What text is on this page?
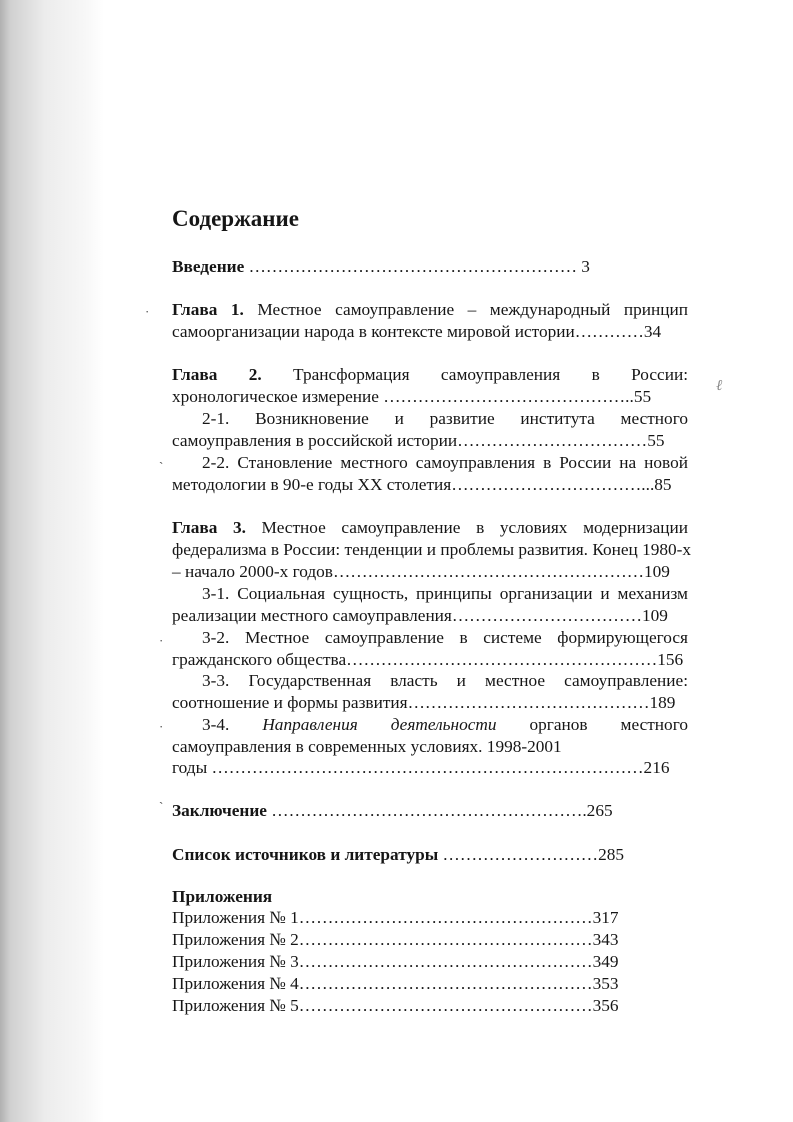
·
ˋ
·
·
ˋ
ℓ
Содержание
Введение ………………………………………………… 3
Глава 1. Местное самоуправление – международный принцип
самоорганизации народа в контексте мировой истории…………34
Глава 2. Трансформация самоуправления в России:
хронологическое измерение ……………………………………..55
2-1. Возникновение и развитие института местного
самоуправления в российской истории……………………………55
2-2. Становление местного самоуправления в России на новой
методологии в 90-е годы XX столетия……………………………...85
Глава 3. Местное самоуправление в условиях модернизации
федерализма в России: тенденции и проблемы развития. Конец 1980-х
– начало 2000-х годов………………………………………………109
3-1. Социальная сущность, принципы организации и механизм
реализации местного самоуправления……………………………109
3-2. Местное самоуправление в системе формирующегося
гражданского общества………………………………………………156
3-3. Государственная власть и местное самоуправление:
соотношение и формы развития……………………………………189
3-4. Направления деятельности органов местного
самоуправления в современных условиях. 1998-2001
годы …………………………………………………………………216
Заключение ……………………………………………….265
Список источников и литературы ………………………285
Приложения
Приложения № 1……………………………………………317
Приложения № 2……………………………………………343
Приложения № 3……………………………………………349
Приложения № 4……………………………………………353
Приложения № 5……………………………………………356
